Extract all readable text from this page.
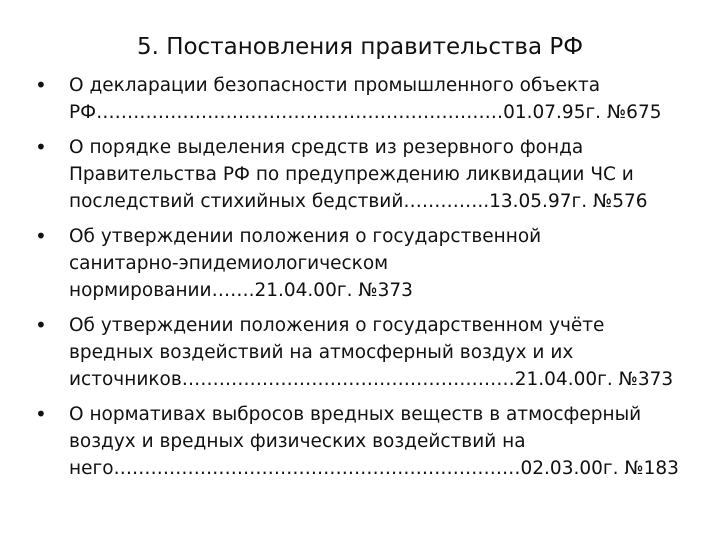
5. Постановления правительства РФ
• О декларации безопасности промышленного объекта
РФ…………………………………………………………01.07.95г. №675
• О порядке выделения средств из резервного фонда
Правительства РФ по предупреждению ликвидации ЧС и
последствий стихийных бедствий…………..13.05.97г. №576
• Об утверждении положения о государственной
санитарно-эпидемиологическом
нормировании…….21.04.00г. №373
• Об утверждении положения о государственном учёте
вредных воздействий на атмосферный воздух и их
источников………………………………………………21.04.00г. №373
• О нормативах выбросов вредных веществ в атмосферный
воздух и вредных физических воздействий на
него…………………………………………………………02.03.00г. №183
